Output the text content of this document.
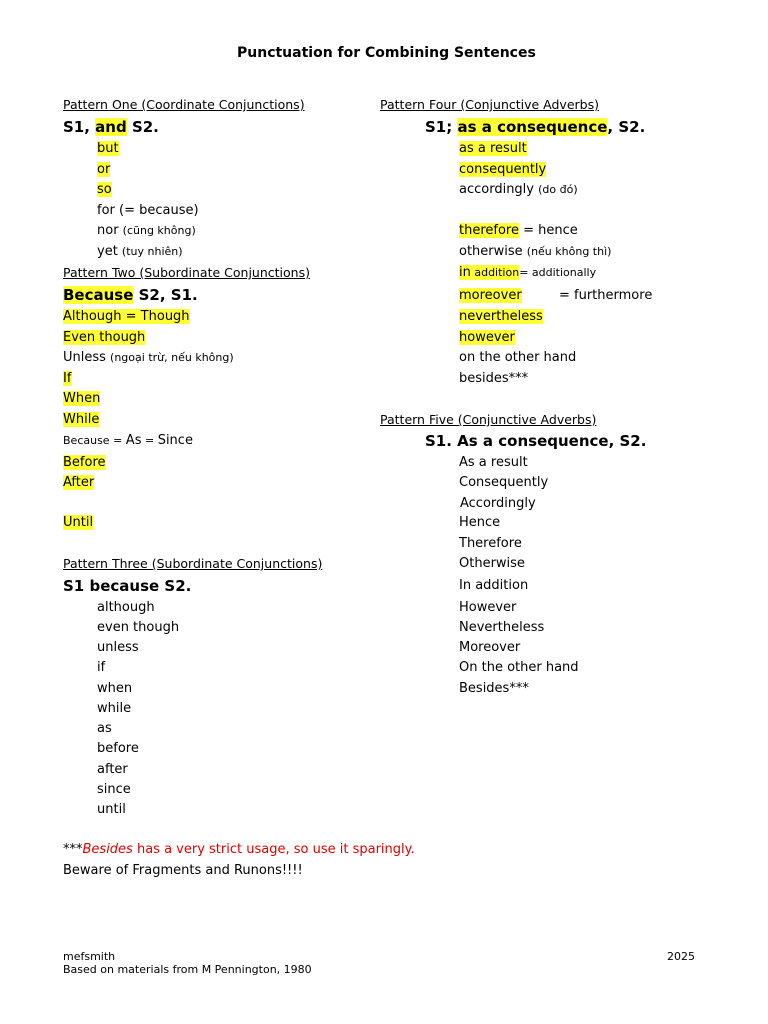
Punctuation for Combining Sentences
Pattern One (Coordinate Conjunctions)
S1, and S2.
but
or
so
for (= because)
nor (cũng không)
yet (tuy nhiên)
Pattern Two (Subordinate Conjunctions)
Because S2, S1.
Although = Though
Even though
Unless (ngoại trừ, nếu không)
If
When
While
Because = As = Since
Before
After
Until
Pattern Three (Subordinate Conjunctions)
S1 because S2.
although
even though
unless
if
when
while
as
before
after
since
until
***Besides has a very strict usage, so use it sparingly.
Beware of Fragments and Runons!!!!
Pattern Four (Conjunctive Adverbs)
S1; as a consequence, S2.
as a result
consequently
accordingly (do đó)
therefore = hence
otherwise (nếu không thì)
in addition= additionally
moreover	= furthermore
nevertheless
however
on the other hand
besides***
Pattern Five (Conjunctive Adverbs)
S1. As a consequence, S2.
As a result
Consequently
Accordingly
Hence
Therefore
Otherwise
In addition
However
Nevertheless
Moreover
On the other hand
Besides***
mefsmith
Based on materials from M Pennington, 1980
2025
